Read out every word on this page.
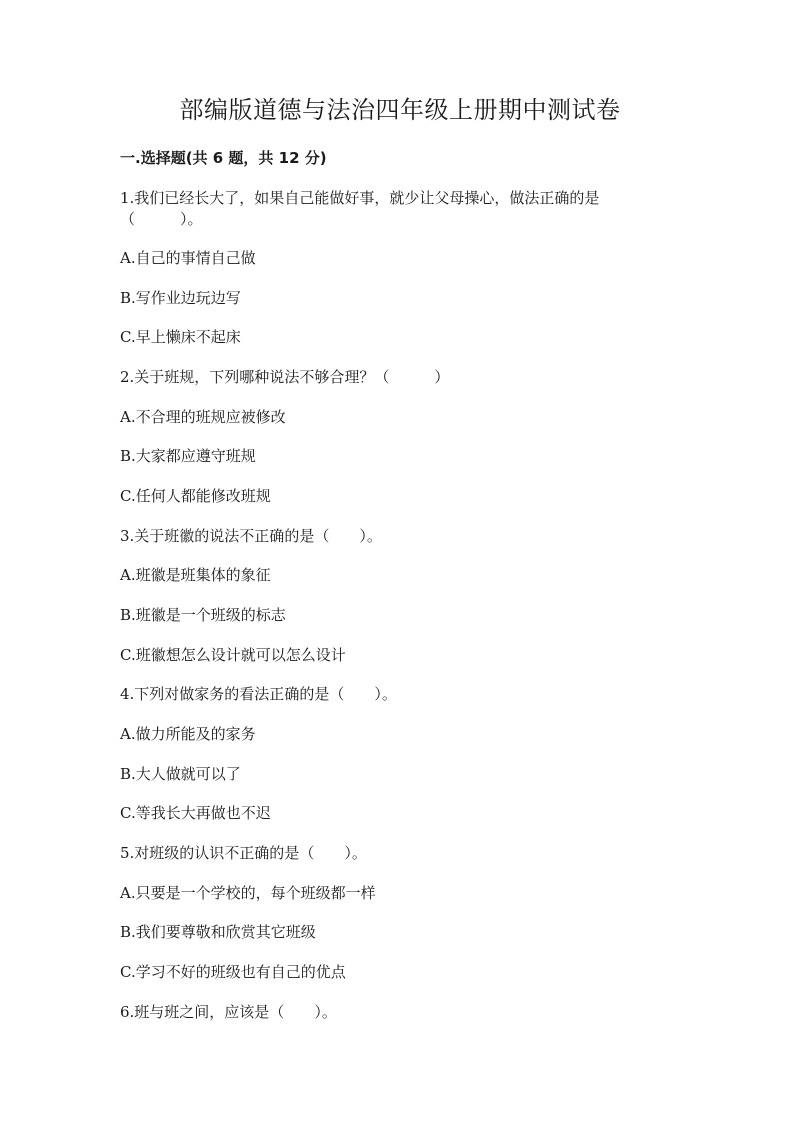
部编版道德与法治四年级上册期中测试卷
一.选择题(共 6 题，共 12 分)
1.我们已经长大了，如果自己能做好事，就少让父母操心，做法正确的是
（　　　）。
A.自己的事情自己做
B.写作业边玩边写
C.早上懒床不起床
2.关于班规，下列哪种说法不够合理？（　　　）
A.不合理的班规应被修改
B.大家都应遵守班规
C.任何人都能修改班规
3.关于班徽的说法不正确的是（　　）。
A.班徽是班集体的象征
B.班徽是一个班级的标志
C.班徽想怎么设计就可以怎么设计
4.下列对做家务的看法正确的是（　　）。
A.做力所能及的家务
B.大人做就可以了
C.等我长大再做也不迟
5.对班级的认识不正确的是（　　）。
A.只要是一个学校的，每个班级都一样
B.我们要尊敬和欣赏其它班级
C.学习不好的班级也有自己的优点
6.班与班之间，应该是（　　）。
